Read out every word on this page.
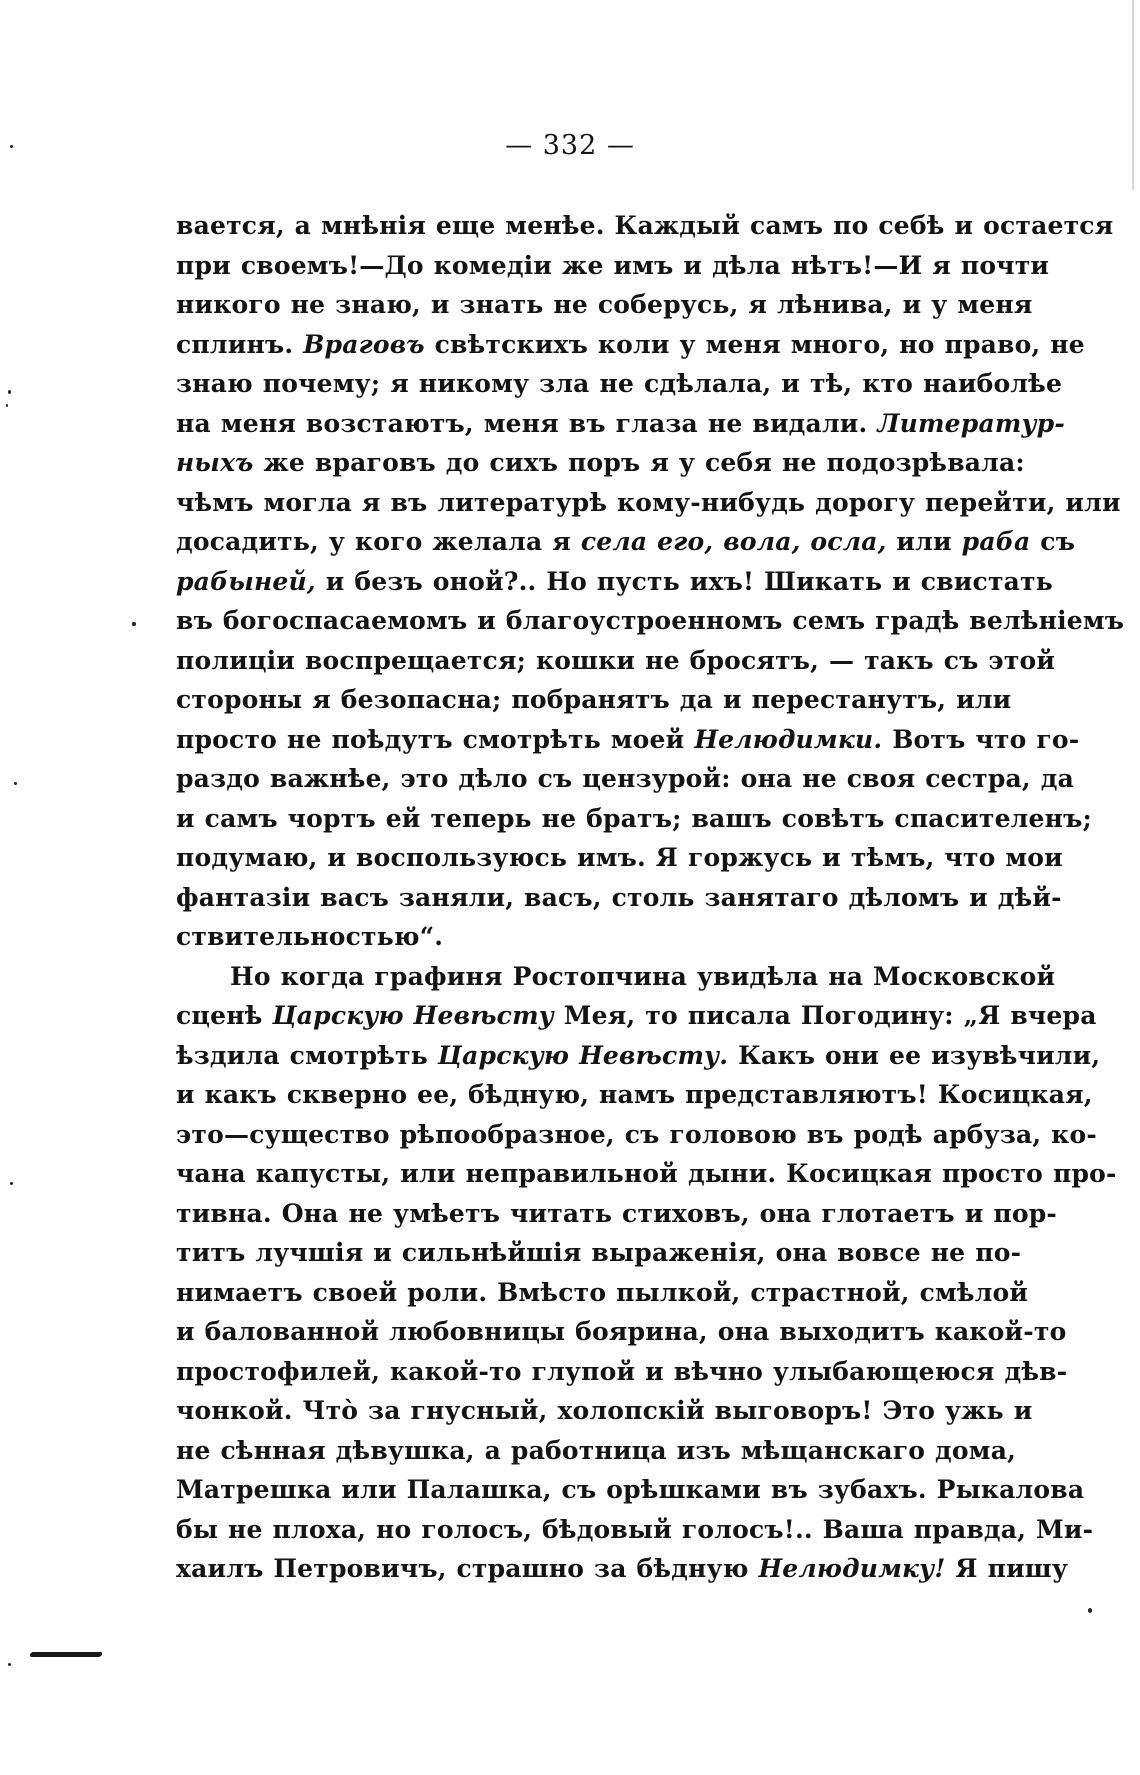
— 332 —
вается, а мнѣнія еще менѣе. Каждый самъ по себѣ и остается
при своемъ!—До комедіи же имъ и дѣла нѣтъ!—И я почти
никого не знаю, и знать не соберусь, я лѣнива, и у меня
сплинъ. Враговъ свѣтскихъ коли у меня много, но право, не
знаю почему; я никому зла не сдѣлала, и тѣ, кто наиболѣе
на меня возстаютъ, меня въ глаза не видали. Литератур-
ныхъ же враговъ до сихъ поръ я у себя не подозрѣвала:
чѣмъ могла я въ литературѣ кому-нибудь дорогу перейти, или
досадить, у кого желала я села его, вола, осла, или раба съ
рабыней, и безъ оной?.. Но пусть ихъ! Шикать и свистать
въ богоспасаемомъ и благоустроенномъ семъ градѣ велѣніемъ
полиціи воспрещается; кошки не бросятъ, — такъ съ этой
стороны я безопасна; побранятъ да и перестанутъ, или
просто не поѣдутъ смотрѣть моей Нелюдимки. Вотъ что го-
раздо важнѣе, это дѣло съ цензурой: она не своя сестра, да
и самъ чортъ ей теперь не братъ; вашъ совѣтъ спасителенъ;
подумаю, и воспользуюсь имъ. Я горжусь и тѣмъ, что мои
фантазіи васъ заняли, васъ, столь занятаго дѣломъ и дѣй-
ствительностью“.
Но когда графиня Ростопчина увидѣла на Московской
сценѣ Царскую Невѣсту Мея, то писала Погодину: „Я вчера
ѣздила смотрѣть Царскую Невѣсту. Какъ они ее изувѣчили,
и какъ скверно ее, бѣдную, намъ представляютъ! Косицкая,
это—существо рѣпообразное, съ головою въ родѣ арбуза, ко-
чана капусты, или неправильной дыни. Косицкая просто про-
тивна. Она не умѣетъ читать стиховъ, она глотаетъ и пор-
титъ лучшія и сильнѣйшія выраженія, она вовсе не по-
нимаетъ своей роли. Вмѣсто пылкой, страстной, смѣлой
и балованной любовницы боярина, она выходитъ какой-то
простофилей, какой-то глупой и вѣчно улыбающеюся дѣв-
чонкой. Чтò за гнусный, холопскій выговоръ! Это ужь и
не сѣнная дѣвушка, а работница изъ мѣщанскаго дома,
Матрешка или Палашка, съ орѣшками въ зубахъ. Рыкалова
бы не плоха, но голосъ, бѣдовый голосъ!.. Ваша правда, Ми-
хаилъ Петровичъ, страшно за бѣдную Нелюдимку! Я пишу
